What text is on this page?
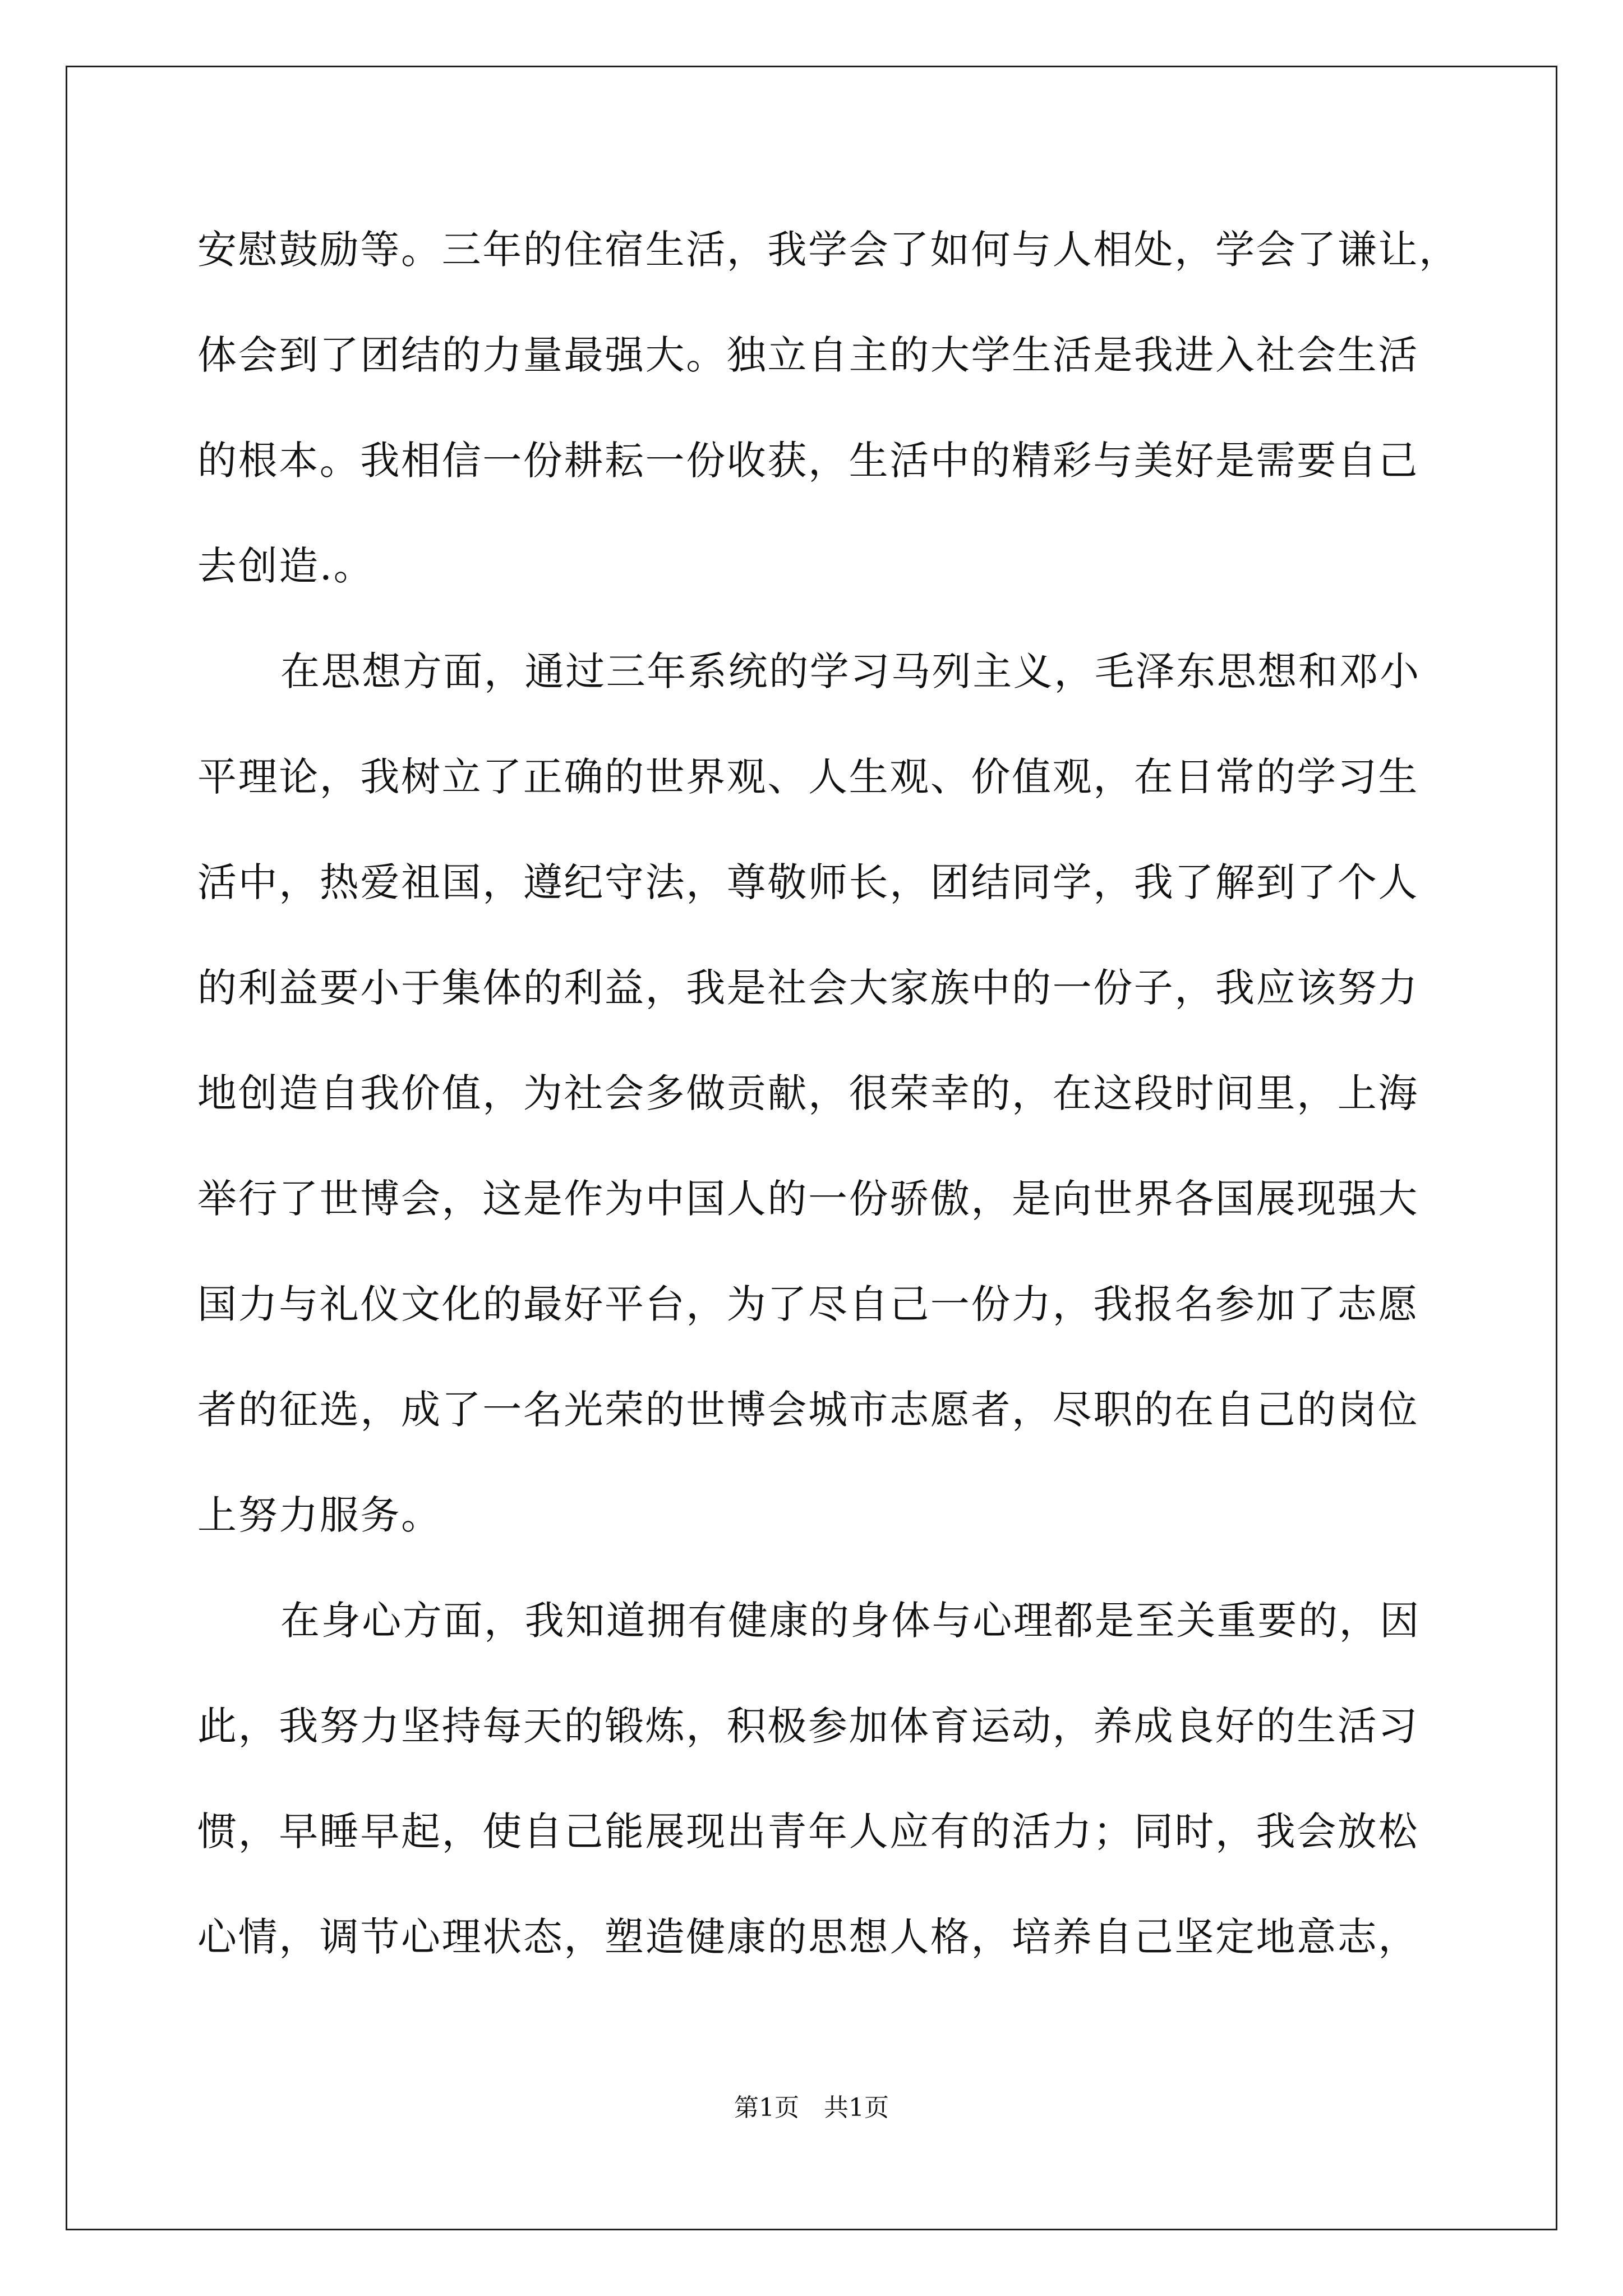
安慰鼓励等。三年的住宿生活，我学会了如何与人相处，学会了谦让，
体会到了团结的力量最强大。独立自主的大学生活是我进入社会生活
的根本。我相信一份耕耘一份收获，生活中的精彩与美好是需要自己
去创造.。
在思想方面，通过三年系统的学习马列主义，毛泽东思想和邓小
平理论，我树立了正确的世界观、人生观、价值观，在日常的学习生
活中，热爱祖国，遵纪守法，尊敬师长，团结同学，我了解到了个人
的利益要小于集体的利益，我是社会大家族中的一份子，我应该努力
地创造自我价值，为社会多做贡献，很荣幸的，在这段时间里，上海
举行了世博会，这是作为中国人的一份骄傲，是向世界各国展现强大
国力与礼仪文化的最好平台，为了尽自己一份力，我报名参加了志愿
者的征选，成了一名光荣的世博会城市志愿者，尽职的在自己的岗位
上努力服务。
在身心方面，我知道拥有健康的身体与心理都是至关重要的，因
此，我努力坚持每天的锻炼，积极参加体育运动，养成良好的生活习
惯，早睡早起，使自己能展现出青年人应有的活力；同时，我会放松
心情，调节心理状态，塑造健康的思想人格，培养自己坚定地意志，
第1页　共1页
